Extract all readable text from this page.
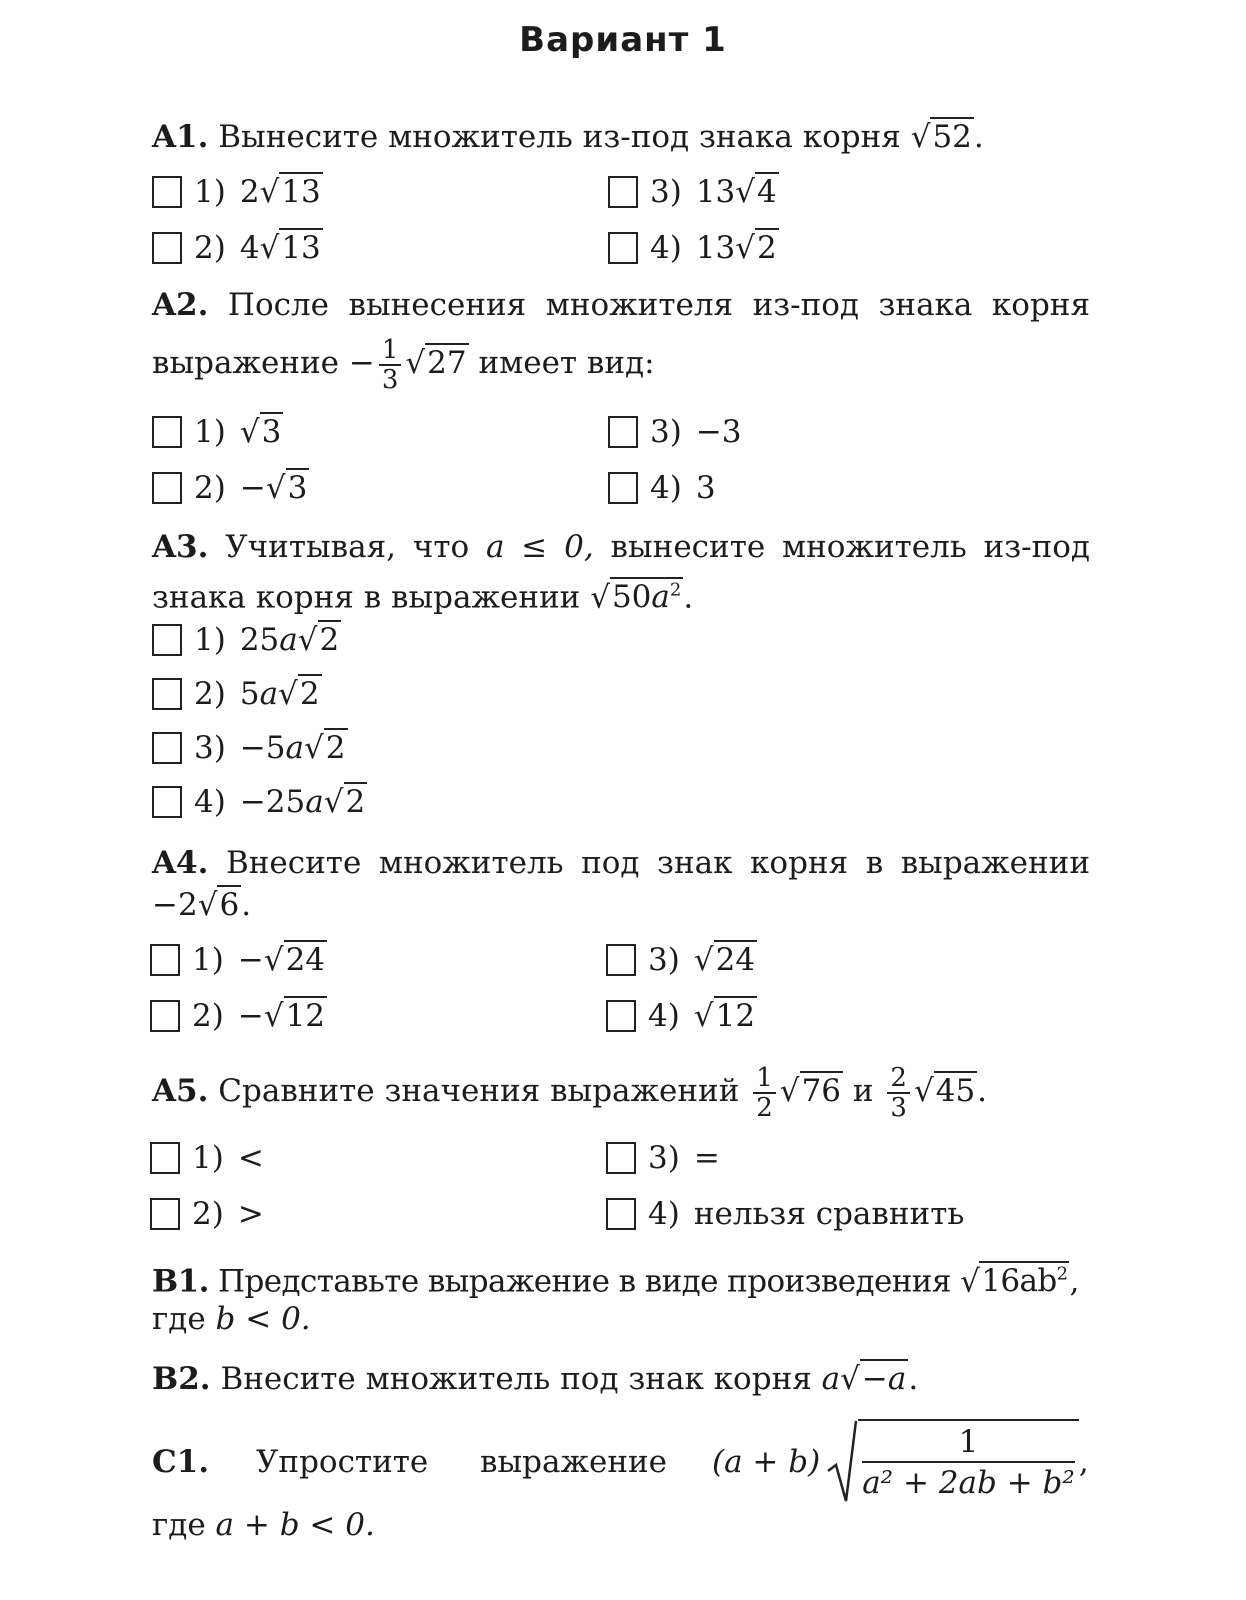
Вариант 1
A1. Вынесите множитель из-под знака корня √52.
1) 2 √13
2) 4 √13
3) 13 √4
4) 13 √2
A2. После вынесения множителя из-под знака корня
выражение − $\frac{1}{3} √27$ имеет вид:
1) √3
2) − √3
3) −3
4) 3
A3. Учитывая, что a ≤ 0, вынесите множитель из-под
знака корня в выражении $√50a^2$.
1) 25 a √2
2) 5 a √2
3) −5 a √2
4) −25 a √2
A4. Внесите множитель под знак корня в выражении
−2√6.
1) − √24
2) − √12
3) √24
4) √12
A5. Сравните значения выражений $\frac{1}{2} √76$ и $\frac{2}{3} √45$.
1) <
2) >
3) =
4) нельзя сравнить
B1. Представьте выражение в виде произведения $√16ab^2$,
где b < 0.
B2. Внесите множитель под знак корня a√−a.
C1.	Упростите	выражение	(a + b)
1
a² + 2ab + b²
,
где a + b < 0.
